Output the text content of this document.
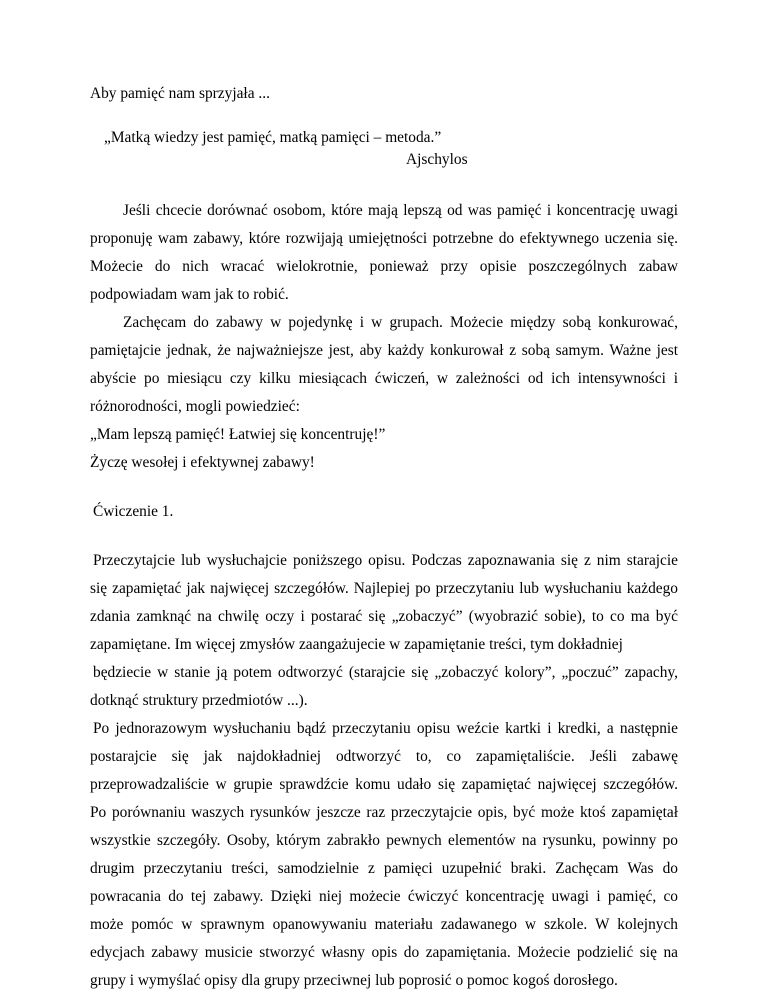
Aby pamięć nam sprzyjała ...
„Matką wiedzy jest pamięć, matką pamięci – metoda.”
Ajschylos
Jeśli chcecie dorównać osobom, które mają lepszą od was pamięć i koncentrację uwagi
proponuję wam zabawy, które rozwijają umiejętności potrzebne do efektywnego uczenia się.
Możecie do nich wracać wielokrotnie, ponieważ przy opisie poszczególnych zabaw
podpowiadam wam jak to robić.
Zachęcam do zabawy w pojedynkę i w grupach. Możecie między sobą konkurować,
pamiętajcie jednak, że najważniejsze jest, aby każdy konkurował z sobą samym. Ważne jest
abyście po miesiącu czy kilku miesiącach ćwiczeń, w zależności od ich intensywności i
różnorodności, mogli powiedzieć:
„Mam lepszą pamięć! Łatwiej się koncentruję!”
Życzę wesołej i efektywnej zabawy!
Ćwiczenie 1.
Przeczytajcie lub wysłuchajcie poniższego opisu. Podczas zapoznawania się z nim starajcie
się zapamiętać jak najwięcej szczegółów. Najlepiej po przeczytaniu lub wysłuchaniu każdego
zdania zamknąć na chwilę oczy i postarać się „zobaczyć” (wyobrazić sobie), to co ma być
zapamiętane. Im więcej zmysłów zaangażujecie w zapamiętanie treści, tym dokładniej
będziecie w stanie ją potem odtworzyć (starajcie się „zobaczyć kolory”, „poczuć” zapachy,
dotknąć struktury przedmiotów ...).
Po jednorazowym wysłuchaniu bądź przeczytaniu opisu weźcie kartki i kredki, a następnie
postarajcie się jak najdokładniej odtworzyć to, co zapamiętaliście. Jeśli zabawę
przeprowadzaliście w grupie sprawdźcie komu udało się zapamiętać najwięcej szczegółów.
Po porównaniu waszych rysunków jeszcze raz przeczytajcie opis, być może ktoś zapamiętał
wszystkie szczegóły. Osoby, którym zabrakło pewnych elementów na rysunku, powinny po
drugim przeczytaniu treści, samodzielnie z pamięci uzupełnić braki. Zachęcam Was do
powracania do tej zabawy. Dzięki niej możecie ćwiczyć koncentrację uwagi i pamięć, co
może pomóc w sprawnym opanowywaniu materiału zadawanego w szkole. W kolejnych
edycjach zabawy musicie stworzyć własny opis do zapamiętania. Możecie podzielić się na
grupy i wymyślać opisy dla grupy przeciwnej lub poprosić o pomoc kogoś dorosłego.
